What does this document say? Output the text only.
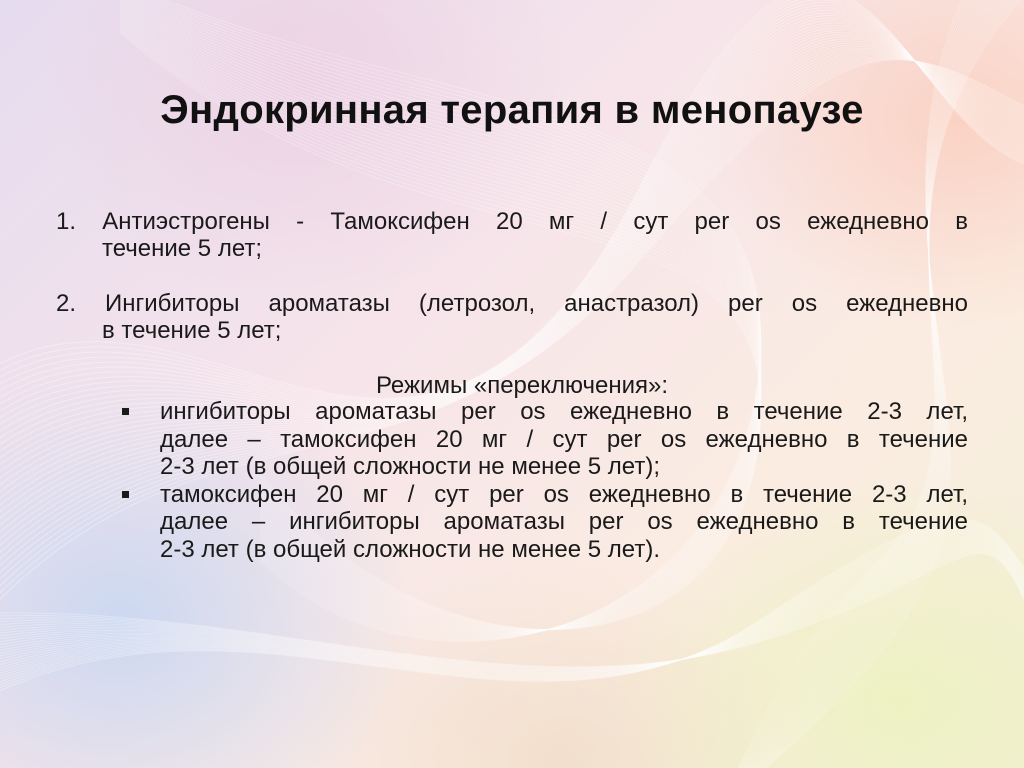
Эндокринная терапия в менопаузе
1. Антиэстрогены - Тамоксифен 20 мг / сут per os ежедневно в
течение 5 лет;
2. Ингибиторы ароматазы (летрозол, анастразол) per os ежедневно
в течение 5 лет;
Режимы «переключения»:
ингибиторы ароматазы per os ежедневно в течение 2-3 лет,
далее – тамоксифен 20 мг / сут per os ежедневно в течение
2-3 лет (в общей сложности не менее 5 лет);
тамоксифен 20 мг / сут per os ежедневно в течение 2-3 лет,
далее – ингибиторы ароматазы per os ежедневно в течение
2-3 лет (в общей сложности не менее 5 лет).
